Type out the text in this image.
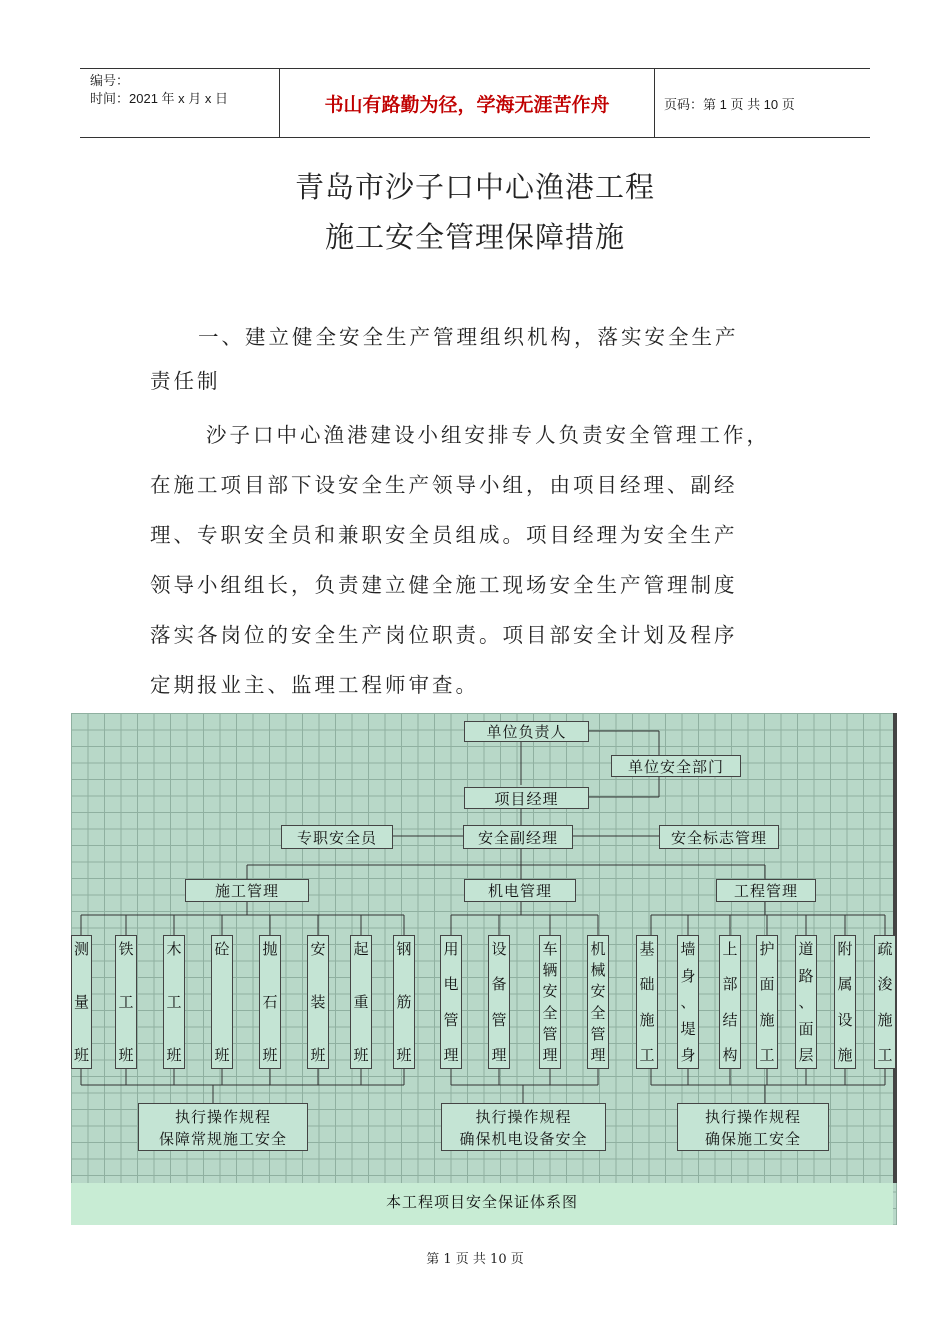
编号：
时间：2021 年 x 月 x 日	书山有路勤为径，学海无涯苦作舟	页码：第 1 页 共 10 页
青岛市沙子口中心渔港工程
施工安全管理保障措施
一、建立健全安全生产管理组织机构，落实安全生产
责任制
沙子口中心渔港建设小组安排专人负责安全管理工作，
在施工项目部下设安全生产领导小组，由项目经理、副经
理、专职安全员和兼职安全员组成。项目经理为安全生产
领导小组组长，负责建立健全施工现场安全生产管理制度
落实各岗位的安全生产岗位职责。项目部安全计划及程序
定期报业主、监理工程师审查。
单位负责人
单位安全部门
项目经理
专职安全员	安全副经理	安全标志管理
施工管理	机电管理	工程管理
测
量
班
铁
工
班
木
工
班
砼
班
抛
石
班
安
装
班
起
重
班
钢
筋
班
用
电
管
理
设
备
管
理
车
辆
安
全
管
理
机
械
安
全
管
理
基
础
施
工
墙
身
、
堤
身
上
部
结
构
护
面
施
工
道
路
、
面
层
附
属
设
施
疏
浚
施
工
执行操作规程
保障常规施工安全
执行操作规程
确保机电设备安全
执行操作规程
确保施工安全
本工程项目安全保证体系图
第 1 页 共 10 页
